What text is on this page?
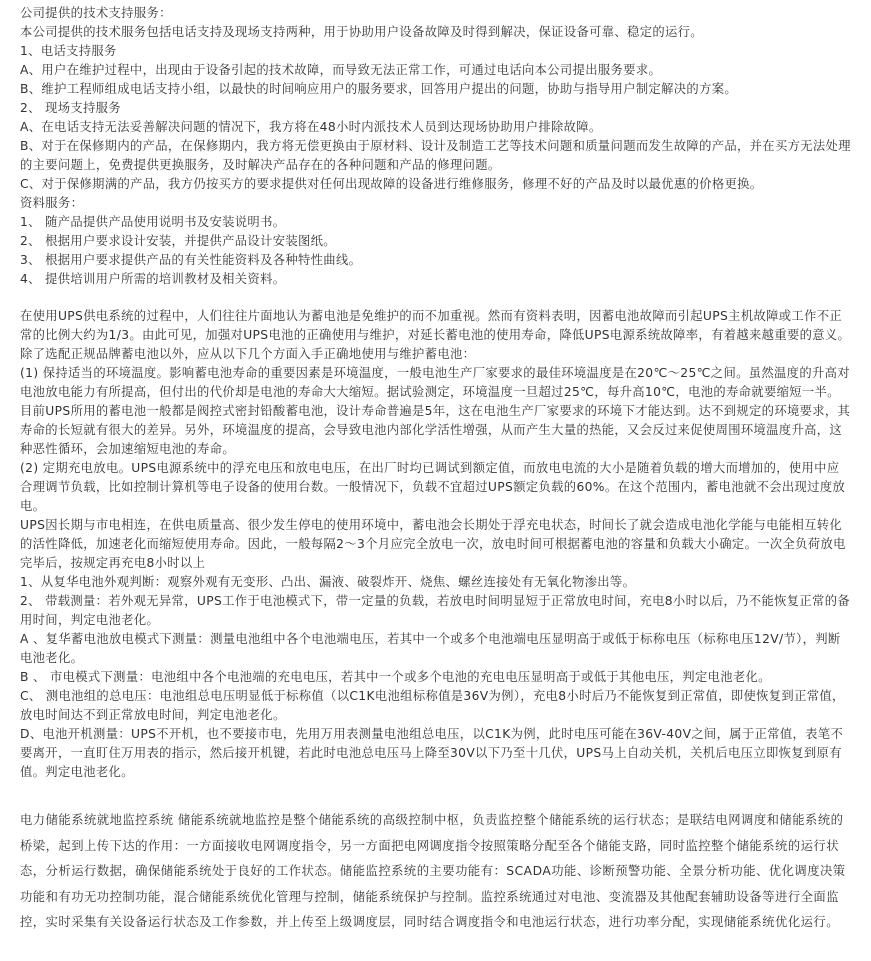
公司提供的技术支持服务：

本公司提供的技术服务包括电话支持及现场支持两种，用于协助用户设备故障及时得到解决，保证设备可靠、稳定的运行。

1、电话支持服务

A、用户在维护过程中，出现由于设备引起的技术故障，而导致无法正常工作，可通过电话向本公司提出服务要求。

B、维护工程师组成电话支持小组，以最快的时间响应用户的服务要求，回答用户提出的问题，协助与指导用户制定解决的方案。

2、 现场支持服务

A、在电话支持无法妥善解决问题的情况下，我方将在48小时内派技术人员到达现场协助用户排除故障。

B、对于在保修期内的产品，在保修期内，我方将无偿更换由于原材料、设计及制造工艺等技术问题和质量问题而发生故障的产品，并在买方无法处理的主要问题上，免费提供更换服务，及时解决产品存在的各种问题和产品的修理问题。

C、对于保修期满的产品，我方仍按买方的要求提供对任何出现故障的设备进行维修服务，修理不好的产品及时以最优惠的价格更换。

资料服务：

1、 随产品提供产品使用说明书及安装说明书。

2、 根据用户要求设计安装，并提供产品设计安装图纸。

3、 根据用户要求提供产品的有关性能资料及各种特性曲线。

4、 提供培训用户所需的培训教材及相关资料。

在使用UPS供电系统的过程中，人们往往片面地认为蓄电池是免维护的而不加重视。然而有资料表明，因蓄电池故障而引起UPS主机故障或工作不正常的比例大约为1/3。由此可见，加强对UPS电池的正确使用与维护，对延长蓄电池的使用寿命，降低UPS电源系统故障率，有着越来越重要的意义。除了选配正规品牌蓄电池以外，应从以下几个方面入手正确地使用与维护蓄电池：

(1) 保持适当的环境温度。影响蓄电池寿命的重要因素是环境温度，一般电池生产厂家要求的最佳环境温度是在20℃～25℃之间。虽然温度的升高对电池放电能力有所提高，但付出的代价却是电池的寿命大大缩短。据试验测定，环境温度一旦超过25℃，每升高10℃，电池的寿命就要缩短一半。目前UPS所用的蓄电池一般都是阀控式密封铅酸蓄电池，设计寿命普遍是5年，这在电池生产厂家要求的环境下才能达到。达不到规定的环境要求，其寿命的长短就有很大的差异。另外，环境温度的提高，会导致电池内部化学活性增强，从而产生大量的热能，又会反过来促使周围环境温度升高，这种恶性循环，会加速缩短电池的寿命。

(2) 定期充电放电。UPS电源系统中的浮充电压和放电电压，在出厂时均已调试到额定值，而放电电流的大小是随着负载的增大而增加的，使用中应合理调节负载，比如控制计算机等电子设备的使用台数。一般情况下，负载不宜超过UPS额定负载的60%。在这个范围内，蓄电池就不会出现过度放电。

UPS因长期与市电相连，在供电质量高、很少发生停电的使用环境中，蓄电池会长期处于浮充电状态，时间长了就会造成电池化学能与电能相互转化的活性降低，加速老化而缩短使用寿命。因此，一般每隔2～3个月应完全放电一次，放电时间可根据蓄电池的容量和负载大小确定。一次全负荷放电完毕后，按规定再充电8小时以上

1、从复华电池外观判断：观察外观有无变形、凸出、漏液、破裂炸开、烧焦、螺丝连接处有无氧化物渗出等。

2、 带载测量：若外观无异常，UPS工作于电池模式下，带一定量的负载，若放电时间明显短于正常放电时间，充电8小时以后，乃不能恢复正常的备用时间，判定电池老化。

A 、复华蓄电池放电模式下测量：测量电池组中各个电池端电压，若其中一个或多个电池端电压显明高于或低于标称电压（标称电压12V/节），判断电池老化。

B 、 市电模式下测量：电池组中各个电池端的充电电压，若其中一个或多个电池的充电电压显明高于或低于其他电压，判定电池老化。

C、 测电池组的总电压：电池组总电压明显低于标称值（以C1K电池组标称值是36V为例），充电8小时后乃不能恢复到正常值，即使恢复到正常值，放电时间达不到正常放电时间，判定电池老化。

D、电池开机测量：UPS不开机，也不要接市电，先用万用表测量电池组总电压，以C1K为例，此时电压可能在36V-40V之间，属于正常值，表笔不要离开，一直盯住万用表的指示，然后接开机键，若此时电池总电压马上降至30V以下乃至十几伏，UPS马上自动关机，关机后电压立即恢复到原有值。判定电池老化。

电力储能系统就地监控系统 储能系统就地监控是整个储能系统的高级控制中枢，负责监控整个储能系统的运行状态；是联结电网调度和储能系统的桥梁，起到上传下达的作用：一方面接收电网调度指令，另一方面把电网调度指令按照策略分配至各个储能支路，同时监控整个储能系统的运行状态，分析运行数据，确保储能系统处于良好的工作状态。储能监控系统的主要功能有：SCADA功能、诊断预警功能、全景分析功能、优化调度决策功能和有功无功控制功能，混合储能系统优化管理与控制，储能系统保护与控制。监控系统通过对电池、变流器及其他配套辅助设备等进行全面监控，实时采集有关设备运行状态及工作参数，并上传至上级调度层，同时结合调度指令和电池运行状态，进行功率分配，实现储能系统优化运行。
